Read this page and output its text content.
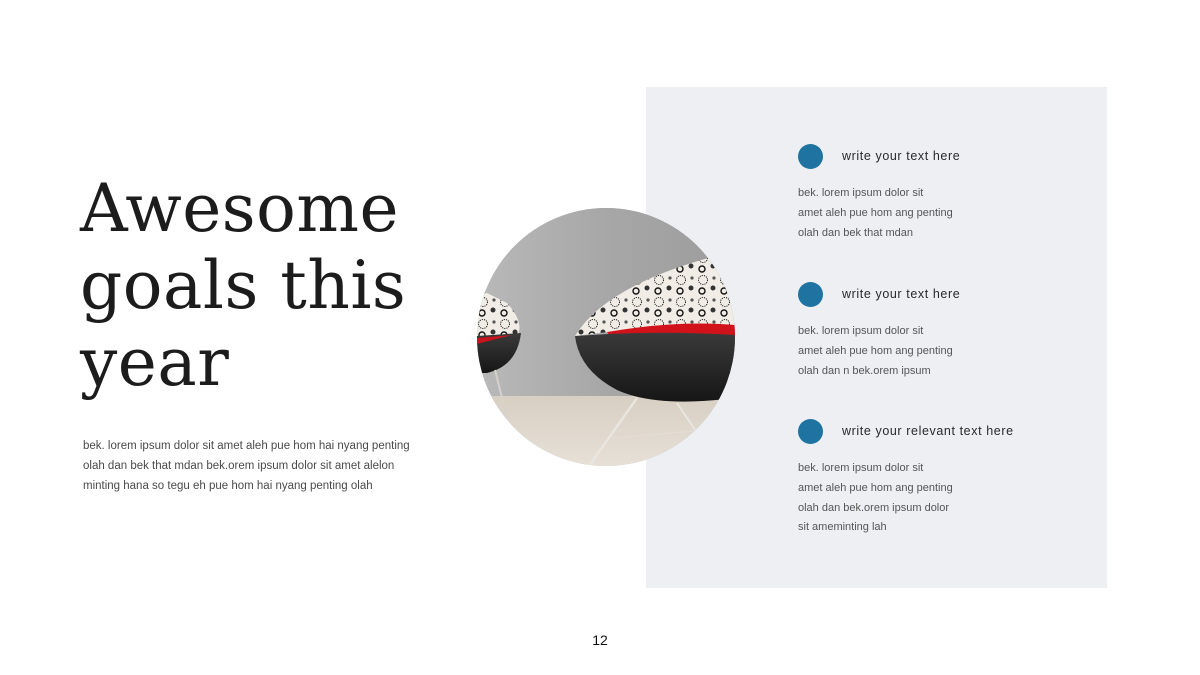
Awesome
goals this
year

bek. lorem ipsum dolor sit amet aleh pue hom hai nyang penting
olah dan bek that mdan bek.orem ipsum dolor sit amet alelon
minting hana so tegu eh pue hom hai nyang penting olah

write your text here

bek. lorem ipsum dolor sit
amet aleh pue hom ang penting
olah dan bek that mdan

write your text here

bek. lorem ipsum dolor sit
amet aleh pue hom ang penting
olah dan n bek.orem ipsum

write your relevant text here

bek. lorem ipsum dolor sit
amet aleh pue hom ang penting
olah dan bek.orem ipsum dolor
sit ameminting lah

12
